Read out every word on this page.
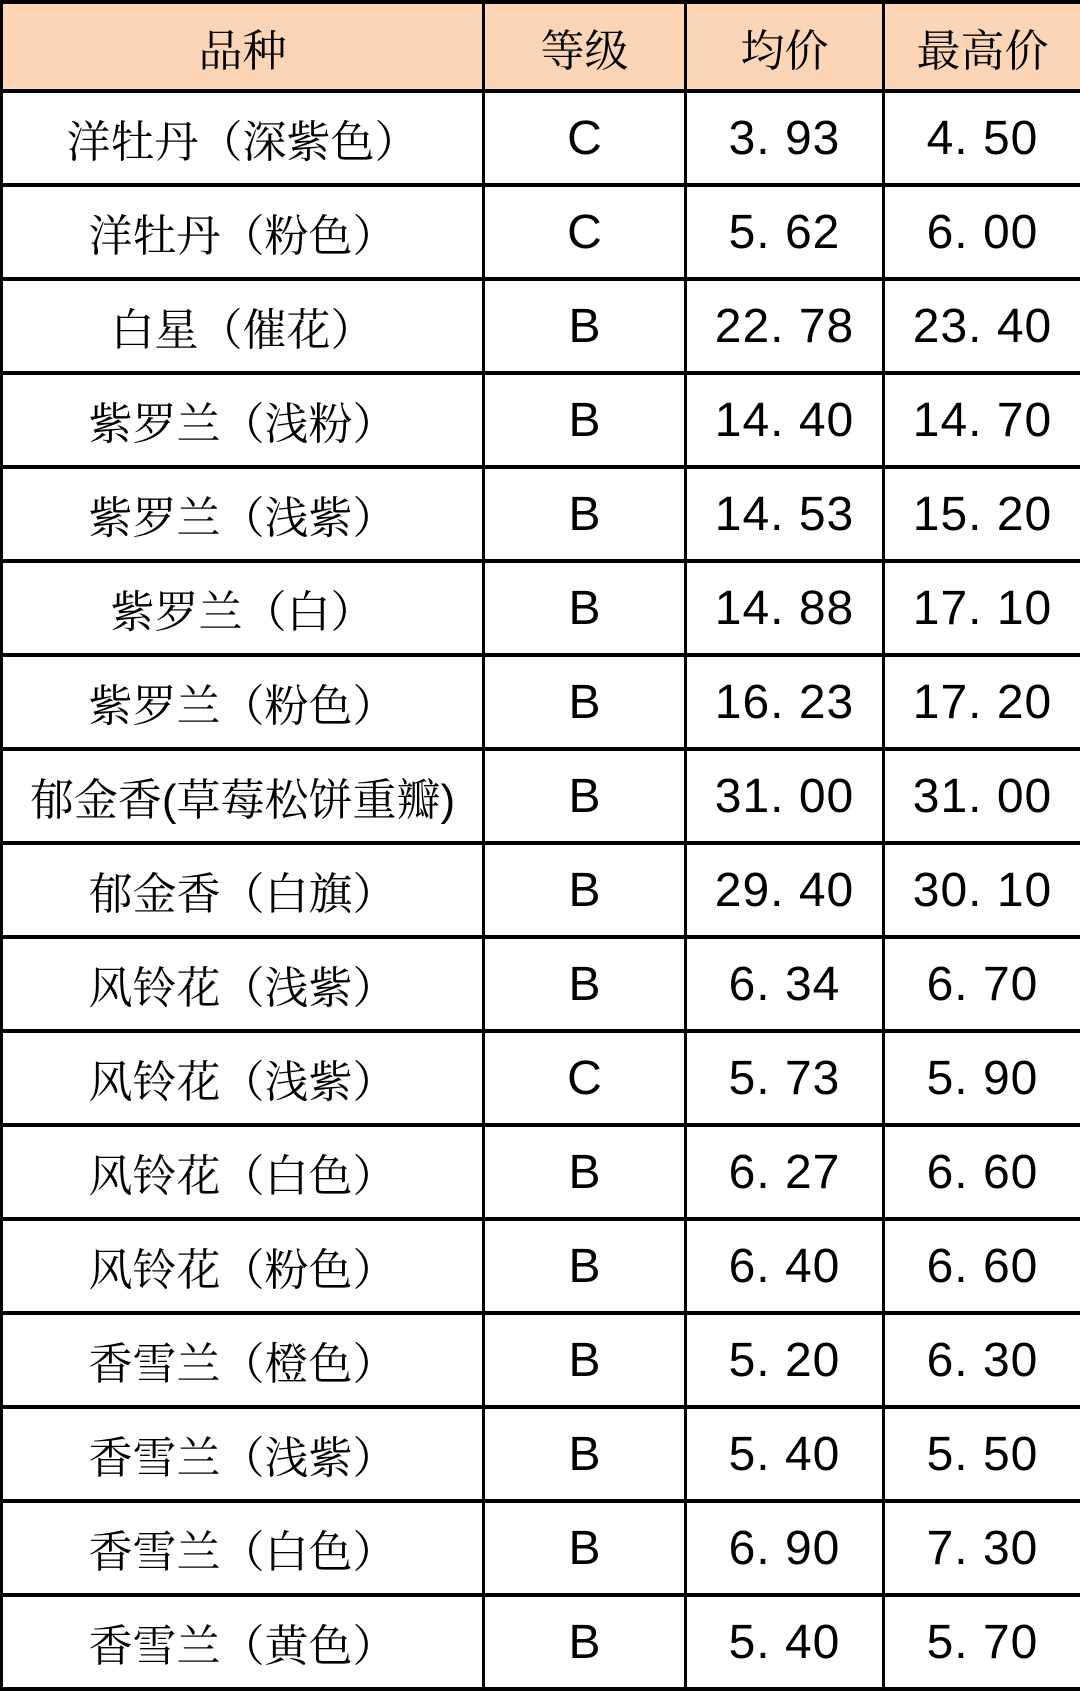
品种	等级	均价	最高价
洋牡丹（深紫色）	C	3. 93	4. 50
洋牡丹（粉色）	C	5. 62	6. 00
白星（催花）	B	22. 78	23. 40
紫罗兰（浅粉）	B	14. 40	14. 70
紫罗兰（浅紫）	B	14. 53	15. 20
紫罗兰（白）	B	14. 88	17. 10
紫罗兰（粉色）	B	16. 23	17. 20
郁金香(草莓松饼重瓣)	B	31. 00	31. 00
郁金香（白旗）	B	29. 40	30. 10
风铃花（浅紫）	B	6. 34	6. 70
风铃花（浅紫）	C	5. 73	5. 90
风铃花（白色）	B	6. 27	6. 60
风铃花（粉色）	B	6. 40	6. 60
香雪兰（橙色）	B	5. 20	6. 30
香雪兰（浅紫）	B	5. 40	5. 50
香雪兰（白色）	B	6. 90	7. 30
香雪兰（黄色）	B	5. 40	5. 70
